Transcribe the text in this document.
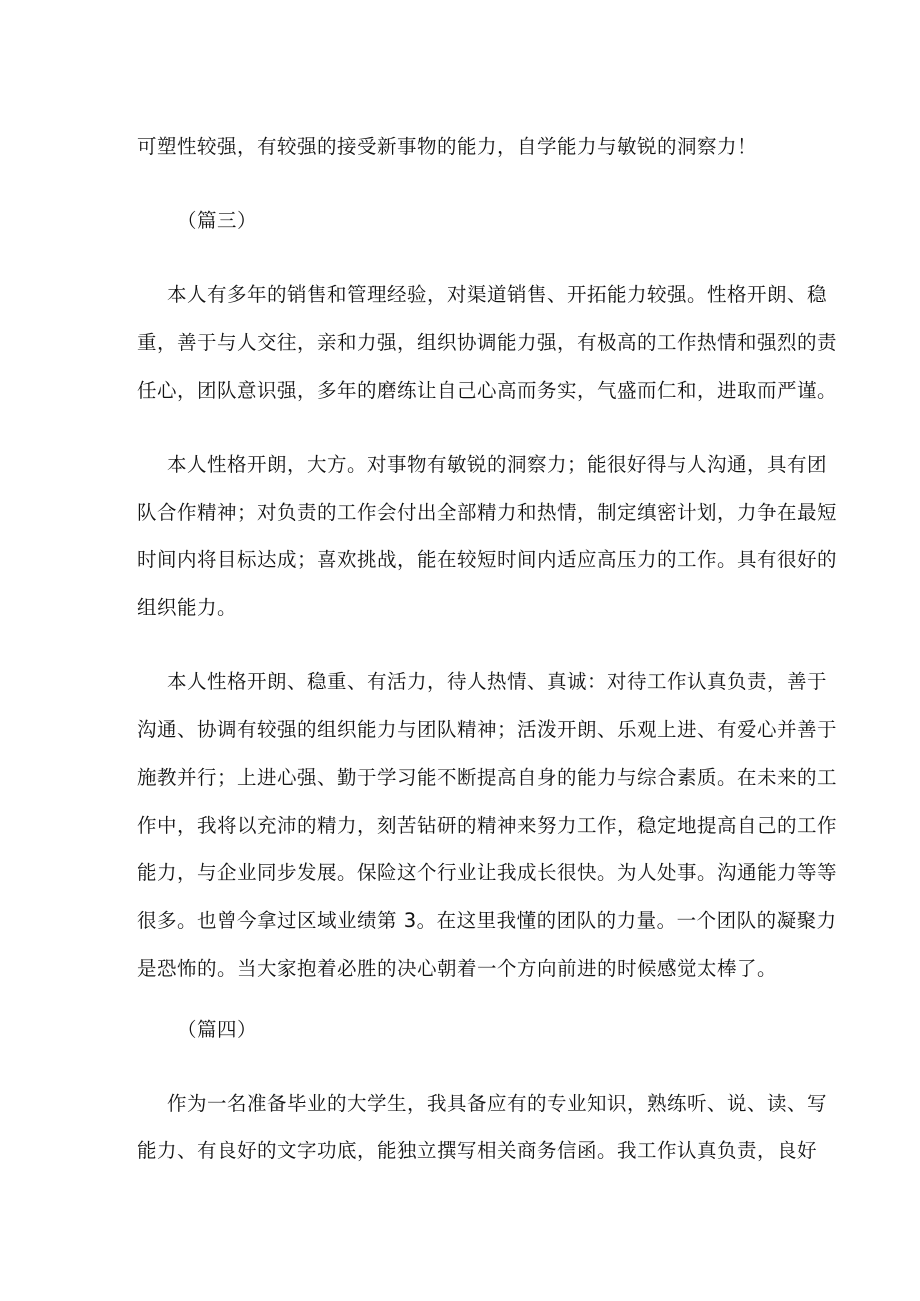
可塑性较强，有较强的接受新事物的能力，自学能力与敏锐的洞察力！
（篇三）
本人有多年的销售和管理经验，对渠道销售、开拓能力较强。性格开朗、稳
重，善于与人交往，亲和力强，组织协调能力强，有极高的工作热情和强烈的责
任心，团队意识强，多年的磨练让自己心高而务实，气盛而仁和，进取而严谨。
本人性格开朗，大方。对事物有敏锐的洞察力；能很好得与人沟通，具有团
队合作精神；对负责的工作会付出全部精力和热情，制定缜密计划，力争在最短
时间内将目标达成；喜欢挑战，能在较短时间内适应高压力的工作。具有很好的
组织能力。
本人性格开朗、稳重、有活力，待人热情、真诚：对待工作认真负责，善于
沟通、协调有较强的组织能力与团队精神；活泼开朗、乐观上进、有爱心并善于
施教并行；上进心强、勤于学习能不断提高自身的能力与综合素质。在未来的工
作中，我将以充沛的精力，刻苦钻研的精神来努力工作，稳定地提高自己的工作
能力，与企业同步发展。保险这个行业让我成长很快。为人处事。沟通能力等等
很多。也曾今拿过区域业绩第 3。在这里我懂的团队的力量。一个团队的凝聚力
是恐怖的。当大家抱着必胜的决心朝着一个方向前进的时候感觉太棒了。
（篇四）
作为一名准备毕业的大学生，我具备应有的专业知识，熟练听、说、读、写
能力、有良好的文字功底，能独立撰写相关商务信函。我工作认真负责，良好
